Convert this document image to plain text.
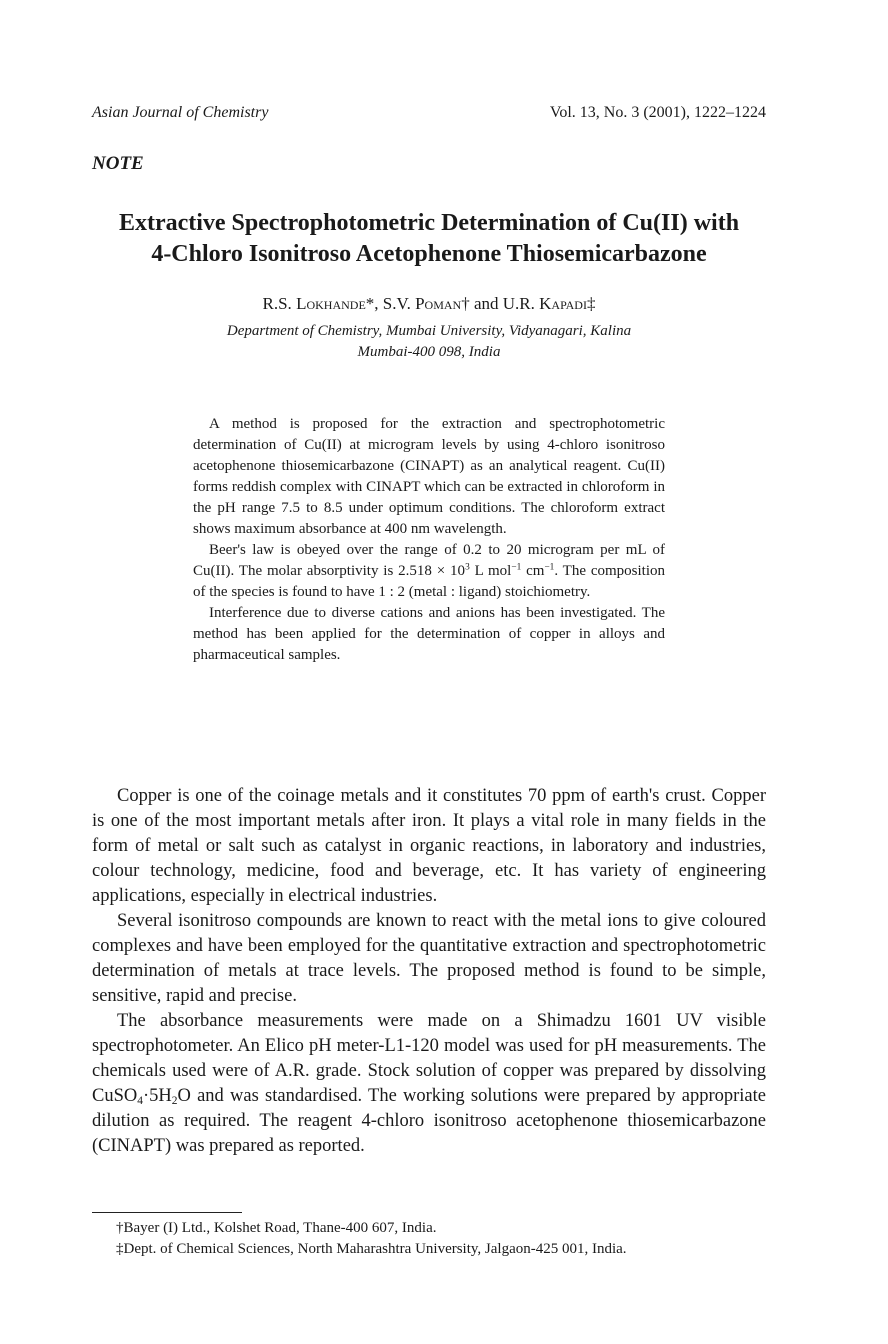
Asian Journal of Chemistry	Vol. 13, No. 3 (2001), 1222–1224
NOTE
Extractive Spectrophotometric Determination of Cu(II) with
4-Chloro Isonitroso Acetophenone Thiosemicarbazone
R.S. Lokhande*, S.V. Poman† and U.R. Kapadi‡
Department of Chemistry, Mumbai University, Vidyanagari, Kalina
Mumbai-400 098, India

A method is proposed for the extraction and spectrophotometric determination of Cu(II) at microgram levels by using 4-chloro isonitroso acetophenone thiosemicarbazone (CINAPT) as an analytical reagent. Cu(II) forms reddish complex with CINAPT which can be extracted in chloroform in the pH range 7.5 to 8.5 under optimum conditions. The chloroform extract shows maximum absorbance at 400 nm wavelength.

Beer's law is obeyed over the range of 0.2 to 20 microgram per mL of Cu(II). The molar absorptivity is $2.518 \times 10^3$ L mol$^{-1}$ $cm^{-1}$. The composition of the species is found to have 1 : 2 (metal : ligand) stoichiometry.

Interference due to diverse cations and anions has been investigated. The method has been applied for the determination of copper in alloys and pharmaceutical samples.

Copper is one of the coinage metals and it constitutes 70 ppm of earth's crust. Copper is one of the most important metals after iron. It plays a vital role in many fields in the form of metal or salt such as catalyst in organic reactions, in laboratory and industries, colour technology, medicine, food and beverage, etc. It has variety of engineering applications, especially in electrical industries.

Several isonitroso compounds are known to react with the metal ions to give coloured complexes and have been employed for the quantitative extraction and spectrophotometric determination of metals at trace levels. The proposed method is found to be simple, sensitive, rapid and precise.

The absorbance measurements were made on a Shimadzu 1601 UV visible spectrophotometer. An Elico pH meter-L1-120 model was used for pH measurements. The chemicals used were of A.R. grade. Stock solution of copper was prepared by dissolving $CuSO_4\cdot 5H_2O$ and was standardised. The working solutions were prepared by appropriate dilution as required. The reagent 4-chloro isonitroso acetophenone thiosemicarbazone (CINAPT) was prepared as reported.

†Bayer (I) Ltd., Kolshet Road, Thane-400 607, India.
‡Dept. of Chemical Sciences, North Maharashtra University, Jalgaon-425 001, India.
